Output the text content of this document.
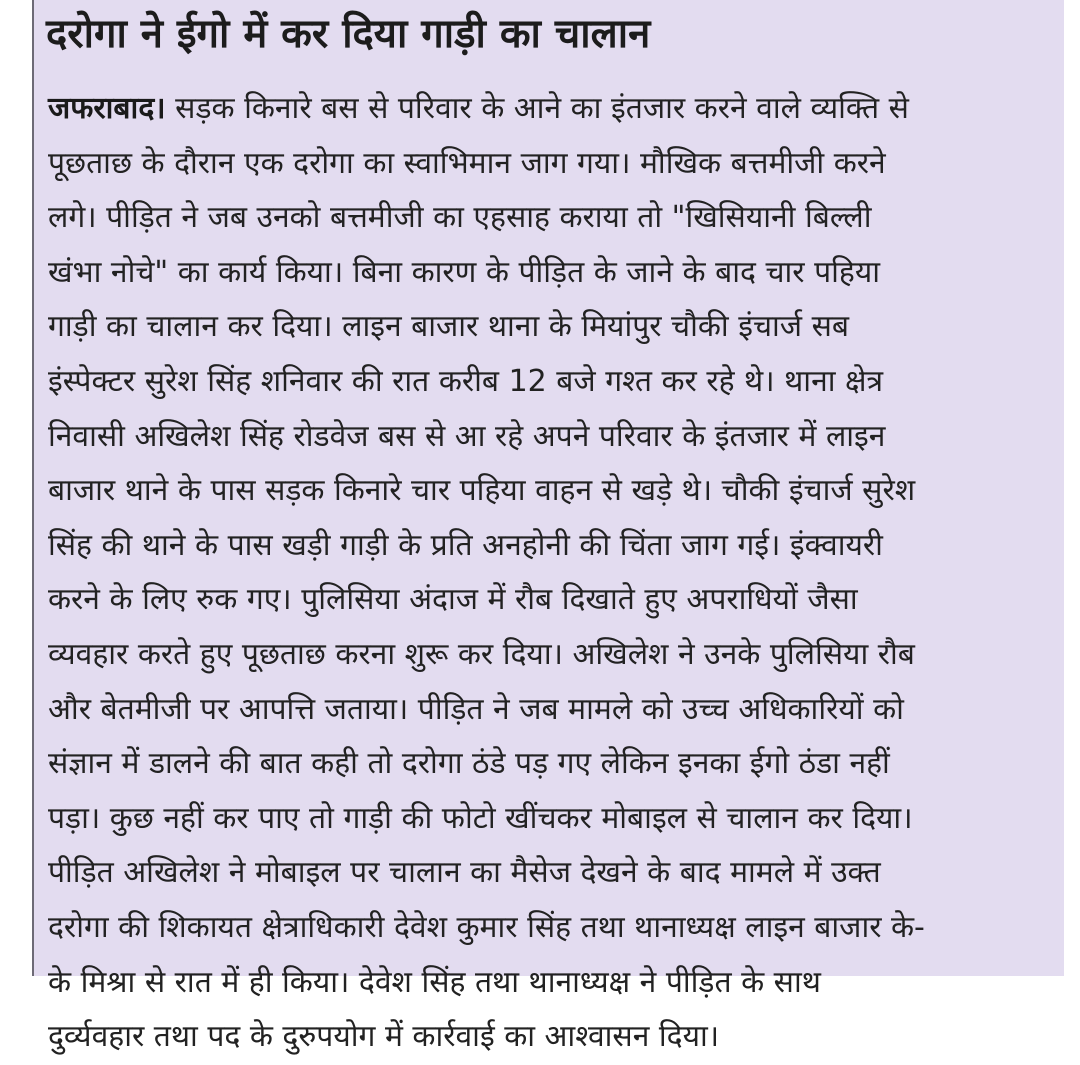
दरोगा ने ईगो में कर दिया गाड़ी का चालान
जफराबाद। सड़क किनारे बस से परिवार के आने का इंतजार करने वाले व्यक्ति से
पूछताछ के दौरान एक दरोगा का स्वाभिमान जाग गया। मौखिक बत्तमीजी करने
लगे। पीड़ित ने जब उनको बत्तमीजी का एहसाह कराया तो "खिसियानी बिल्ली
खंभा नोचे" का कार्य किया। बिना कारण के पीड़ित के जाने के बाद चार पहिया
गाड़ी का चालान कर दिया। लाइन बाजार थाना के मियांपुर चौकी इंचार्ज सब
इंस्पेक्टर सुरेश सिंह शनिवार की रात करीब 12 बजे गश्त कर रहे थे। थाना क्षेत्र
निवासी अखिलेश सिंह रोडवेज बस से आ रहे अपने परिवार के इंतजार में लाइन
बाजार थाने के पास सड़क किनारे चार पहिया वाहन से खड़े थे। चौकी इंचार्ज सुरेश
सिंह की थाने के पास खड़ी गाड़ी के प्रति अनहोनी की चिंता जाग गई। इंक्वायरी
करने के लिए रुक गए। पुलिसिया अंदाज में रौब दिखाते हुए अपराधियों जैसा
व्यवहार करते हुए पूछताछ करना शुरू कर दिया। अखिलेश ने उनके पुलिसिया रौब
और बेतमीजी पर आपत्ति जताया। पीड़ित ने जब मामले को उच्च अधिकारियों को
संज्ञान में डालने की बात कही तो दरोगा ठंडे पड़ गए लेकिन इनका ईगो ठंडा नहीं
पड़ा। कुछ नहीं कर पाए तो गाड़ी की फोटो खींचकर मोबाइल से चालान कर दिया।
पीड़ित अखिलेश ने मोबाइल पर चालान का मैसेज देखने के बाद मामले में उक्त
दरोगा की शिकायत क्षेत्राधिकारी देवेश कुमार सिंह तथा थानाध्यक्ष लाइन बाजार के-
के मिश्रा से रात में ही किया। देवेश सिंह तथा थानाध्यक्ष ने पीड़ित के साथ
दुर्व्यवहार तथा पद के दुरुपयोग में कार्रवाई का आश्वासन दिया।
